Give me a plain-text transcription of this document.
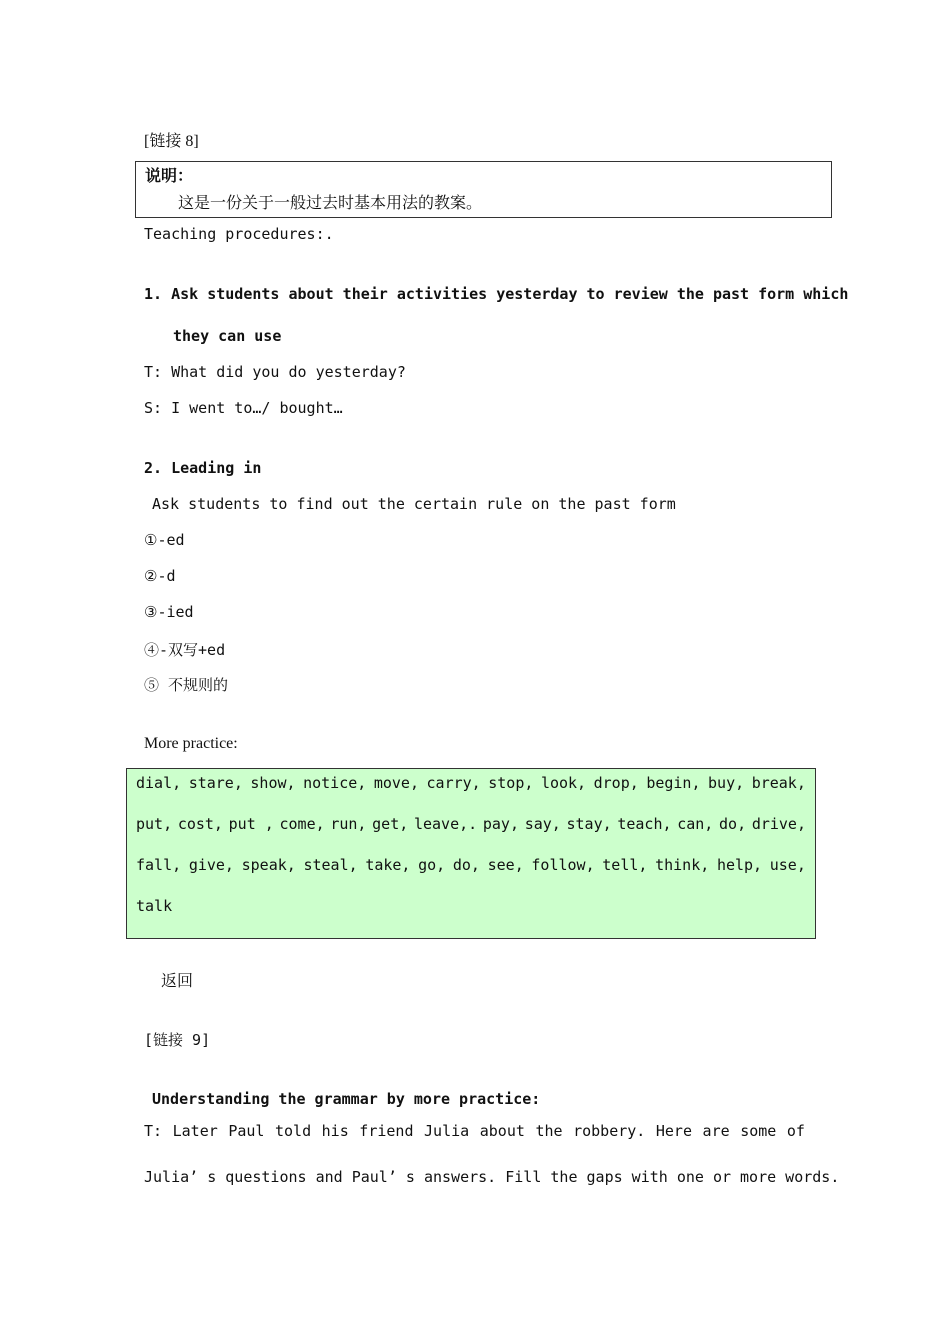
[链接 8]
说明：
这是一份关于一般过去时基本用法的教案。
Teaching procedures:.
1. Ask students about their activities yesterday to review the past form which
they can use
T: What did you do yesterday?
S: I went to…/ bought…
2. Leading in
Ask students to find out the certain rule on the past form
①-ed
②-d
③-ied
④-双写+ed
⑤ 不规则的
More practice:
dial, stare, show, notice, move, carry, stop, look, drop, begin, buy, break,
put, cost, put , come, run, get, leave,. pay, say, stay, teach, can, do, drive,
fall, give, speak, steal, take, go, do, see, follow, tell, think, help, use,
talk
返回
[链接 9]
Understanding the grammar by more practice:
T: Later Paul told his friend Julia about the robbery. Here are some of
Julia’ s questions and Paul’ s answers. Fill the gaps with one or more words.
